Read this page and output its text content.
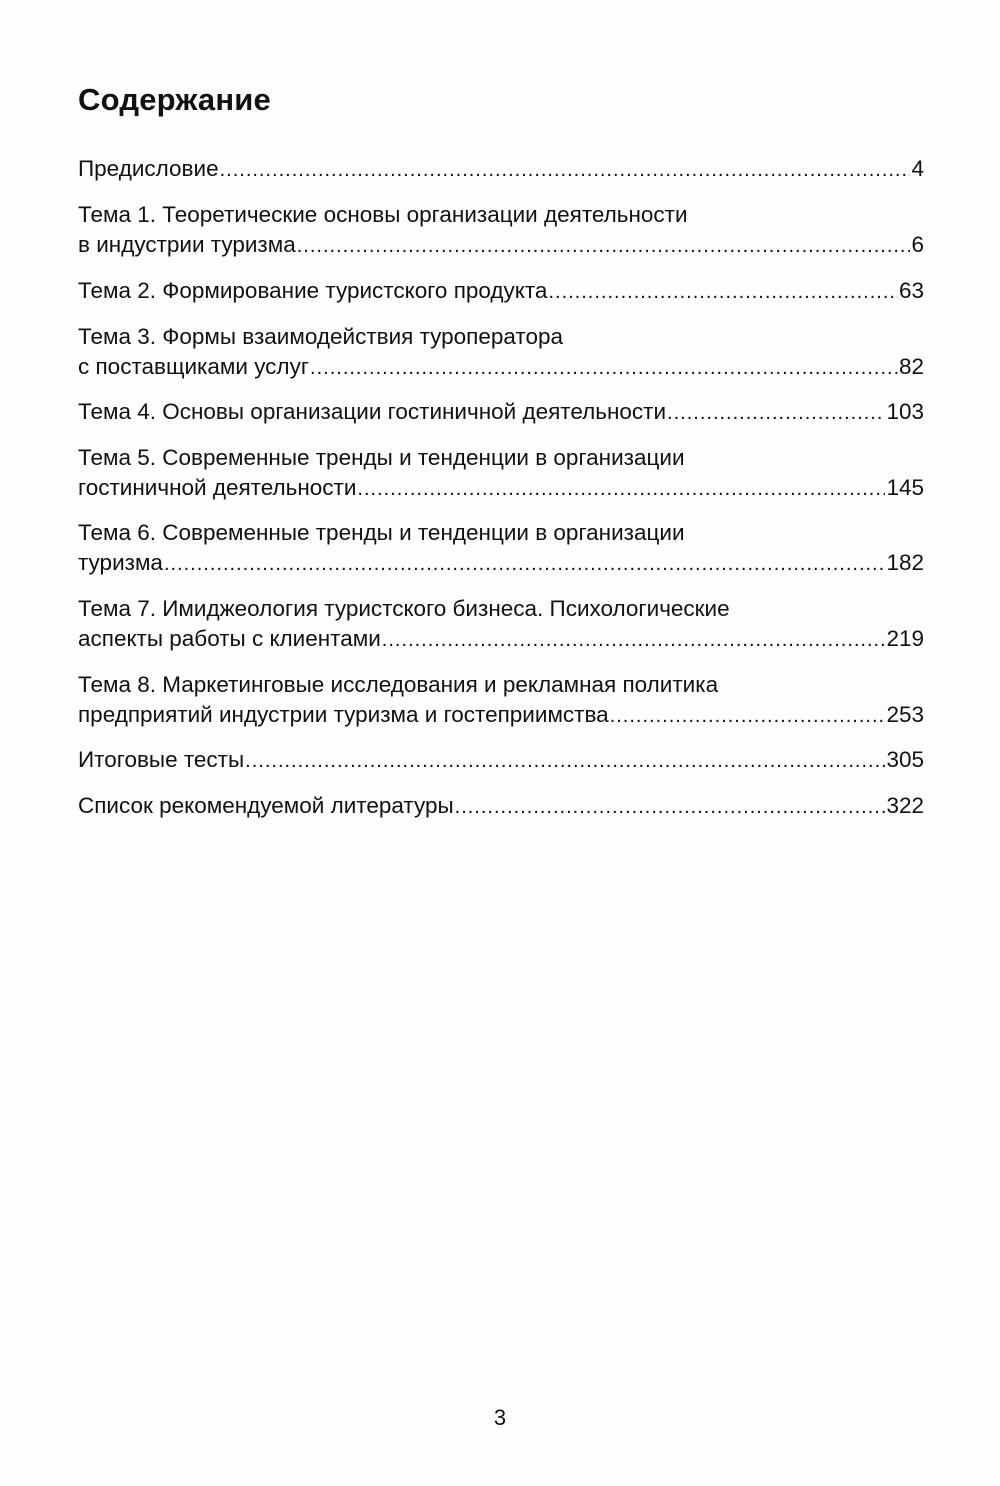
Содержание
Предисловие .....	4
Тема 1. Теоретические основы организации деятельности
в индустрии туризма .....	6
Тема 2. Формирование туристского продукта .....	63
Тема 3. Формы взаимодействия туроператора
с поставщиками услуг .....	82
Тема 4. Основы организации гостиничной деятельности .....	103
Тема 5. Современные тренды и тенденции в организации
гостиничной деятельности .....	145
Тема 6. Современные тренды и тенденции в организации
туризма .....	182
Тема 7. Имиджеология туристского бизнеса. Психологические
аспекты работы с клиентами .....	219
Тема 8. Маркетинговые исследования и рекламная политика
предприятий индустрии туризма и гостеприимства .....	253
Итоговые тесты .....	305
Список рекомендуемой литературы .....	322
3
